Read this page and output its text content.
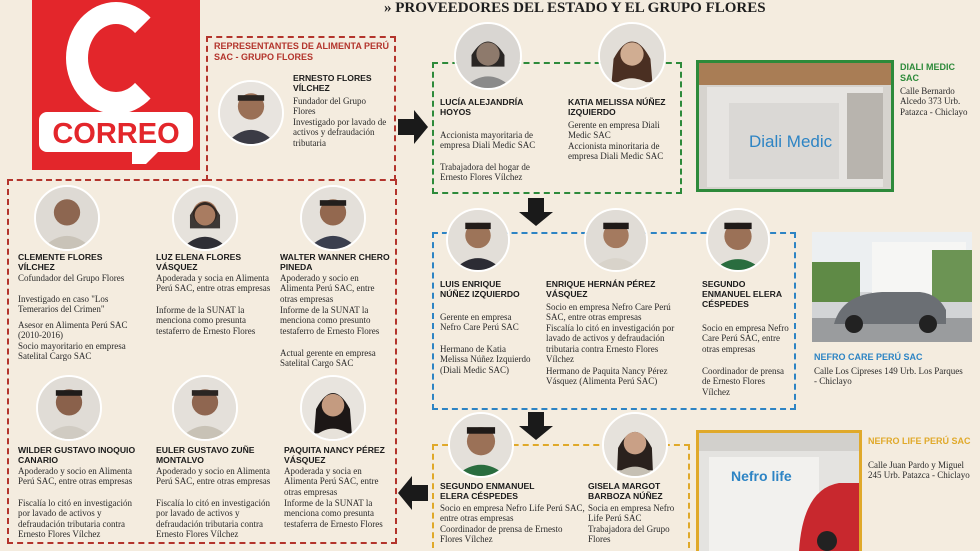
CORREO
» PROVEEDORES DEL ESTADO Y EL GRUPO FLORES
REPRESENTANTES DE ALIMENTA PERÚ SAC - GRUPO FLORES
ERNESTO FLORES VÍLCHEZ
Fundador del Grupo Flores
Investigado por lavado de activos y defraudación tributaria
CLEMENTE FLORES VÍLCHEZ
Cofundador del Grupo Flores
Investigado en caso "Los Temerarios del Crimen"
Asesor en Alimenta Perú SAC (2010-2016)
Socio mayoritario en empresa Satelital Cargo SAC
LUZ ELENA FLORES VÁSQUEZ
Apoderada y socia en Alimenta Perú SAC, entre otras empresas
Informe de la SUNAT la menciona como presunta testaferro de Ernesto Flores
WALTER WANNER CHERO PINEDA
Apoderado y socio en Alimenta Perú SAC, entre otras empresas
Informe de la SUNAT la menciona como presunto testaferro de Ernesto Flores
Actual gerente en empresa Satelital Cargo SAC
WILDER GUSTAVO INOQUIO CANARIO
Apoderado y socio en Alimenta Perú SAC, entre otras empresas
Fiscalía lo citó en investigación por lavado de activos y defraudación tributaria contra Ernesto Flores Vílchez
EULER GUSTAVO ZUÑE MONTALVO
Apoderado y socio en Alimenta Perú SAC, entre otras empresas
Fiscalía lo citó en investigación por lavado de activos y defraudación tributaria contra Ernesto Flores Vílchez
PAQUITA NANCY PÉREZ VÁSQUEZ
Apoderada y socia en Alimenta Perú SAC, entre otras empresas
Informe de la SUNAT la menciona como presunta testaferra de Ernesto Flores
LUCÍA ALEJANDRÍA HOYOS
Accionista mayoritaria de empresa Diali Medic SAC
Trabajadora del hogar de Ernesto Flores Vílchez
KATIA MELISSA NÚÑEZ IZQUIERDO
Gerente en empresa Diali Medic SAC
Accionista minoritaria de empresa Diali Medic SAC
Diali Medic
DIALI MEDIC SAC
Calle Bernardo Alcedo 373 Urb. Patazca - Chiclayo
LUIS ENRIQUE NÚÑEZ IZQUIERDO
Gerente en empresa Nefro Care Perú SAC
Hermano de Katia Melissa Núñez Izquierdo (Diali Medic SAC)
ENRIQUE HERNÁN PÉREZ VÁSQUEZ
Socio en empresa Nefro Care Perú SAC, entre otras empresas
Fiscalía lo citó en investigación por lavado de activos y defraudación tributaria contra Ernesto Flores Vílchez
Hermano de Paquita Nancy Pérez Vásquez (Alimenta Perú SAC)
SEGUNDO ENMANUEL ELERA CÉSPEDES
Socio en empresa Nefro Care Perú SAC, entre otras empresas
Coordinador de prensa de Ernesto Flores Vílchez
NEFRO CARE PERÚ SAC
Calle Los Cipreses 149 Urb. Los Parques - Chiclayo
SEGUNDO ENMANUEL ELERA CÉSPEDES
Socio en empresa Nefro Life Perú SAC, entre otras empresas
Coordinador de prensa de Ernesto Flores Vílchez
GISELA MARGOT BARBOZA NÚÑEZ
Socia en empresa Nefro Life Perú SAC
Trabajadora del Grupo Flores
Nefro life
NEFRO LIFE PERÚ SAC
Calle Juan Pardo y Miguel 245 Urb. Patazca - Chiclayo
